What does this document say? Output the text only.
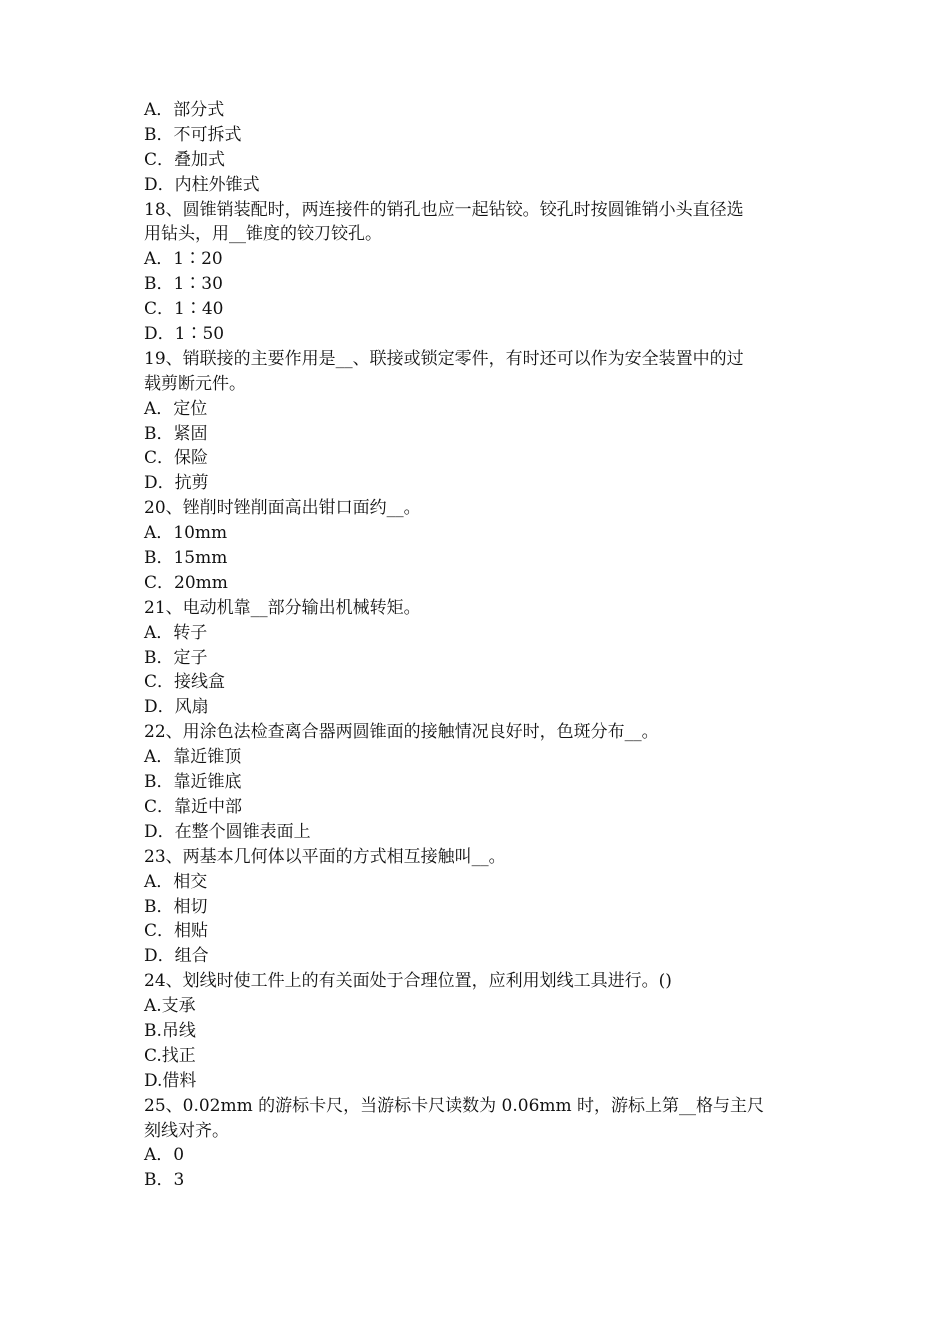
A．部分式
B．不可拆式
C．叠加式
D．内柱外锥式
18、圆锥销装配时，两连接件的销孔也应一起钻铰。铰孔时按圆锥销小头直径选
用钻头，用__锥度的铰刀铰孔。
A．1∶20
B．1∶30
C．1∶40
D．1∶50
19、销联接的主要作用是__、联接或锁定零件，有时还可以作为安全装置中的过
载剪断元件。
A．定位
B．紧固
C．保险
D．抗剪
20、锉削时锉削面高出钳口面约__。
A．10mm
B．15mm
C．20mm
21、电动机靠__部分输出机械转矩。
A．转子
B．定子
C．接线盒
D．风扇
22、用涂色法检查离合器两圆锥面的接触情况良好时，色斑分布__。
A．靠近锥顶
B．靠近锥底
C．靠近中部
D．在整个圆锥表面上
23、两基本几何体以平面的方式相互接触叫__。
A．相交
B．相切
C．相贴
D．组合
24、划线时使工件上的有关面处于合理位置，应利用划线工具进行。()
A.支承
B.吊线
C.找正
D.借料
25、0.02mm 的游标卡尺，当游标卡尺读数为 0.06mm 时，游标上第__格与主尺
刻线对齐。
A．0
B．3
